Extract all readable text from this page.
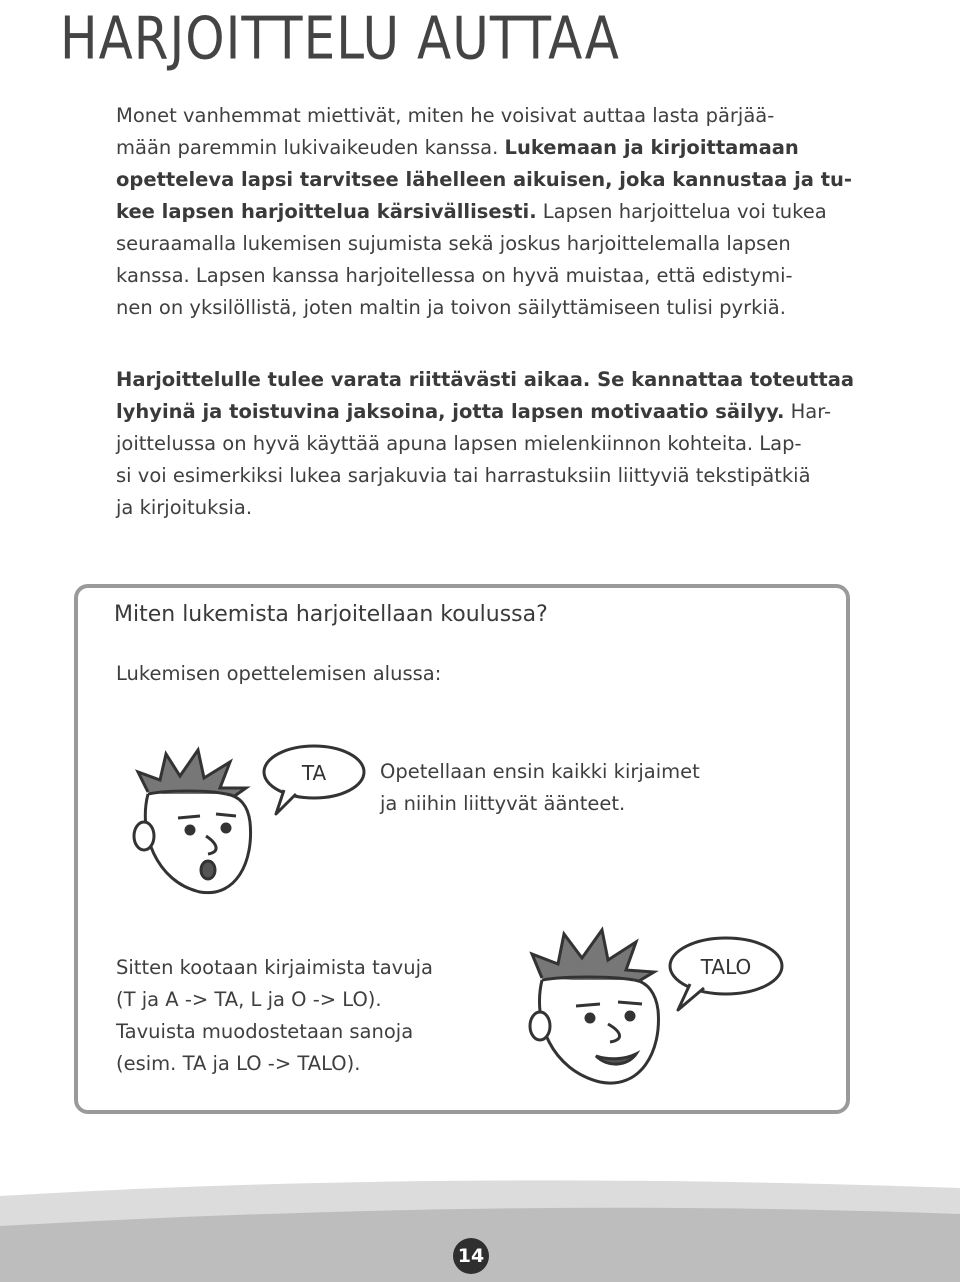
HARJOITTELU AUTTAA
Monet vanhemmat miettivät, miten he voisivat auttaa lasta pärjää-
mään paremmin lukivaikeuden kanssa. Lukemaan ja kirjoittamaan
opetteleva lapsi tarvitsee lähelleen aikuisen, joka kannustaa ja tu-
kee lapsen harjoittelua kärsivällisesti. Lapsen harjoittelua voi tukea
seuraamalla lukemisen sujumista sekä joskus harjoittelemalla lapsen
kanssa. Lapsen kanssa harjoitellessa on hyvä muistaa, että edistymi-
nen on yksilöllistä, joten maltin ja toivon säilyttämiseen tulisi pyrkiä.
Harjoittelulle tulee varata riittävästi aikaa. Se kannattaa toteuttaa
lyhyinä ja toistuvina jaksoina, jotta lapsen motivaatio säilyy. Har-
joittelussa on hyvä käyttää apuna lapsen mielenkiinnon kohteita. Lap-
si voi esimerkiksi lukea sarjakuvia tai harrastuksiin liittyviä tekstipätkiä
ja kirjoituksia.
Miten lukemista harjoitellaan koulussa?
Lukemisen opettelemisen alussa:
Opetellaan ensin kaikki kirjaimet
ja niihin liittyvät äänteet.
Sitten kootaan kirjaimista tavuja
(T ja A -> TA, L ja O -> LO).
Tavuista muodostetaan sanoja
(esim. TA ja LO -> TALO).
TA
TALO
14
